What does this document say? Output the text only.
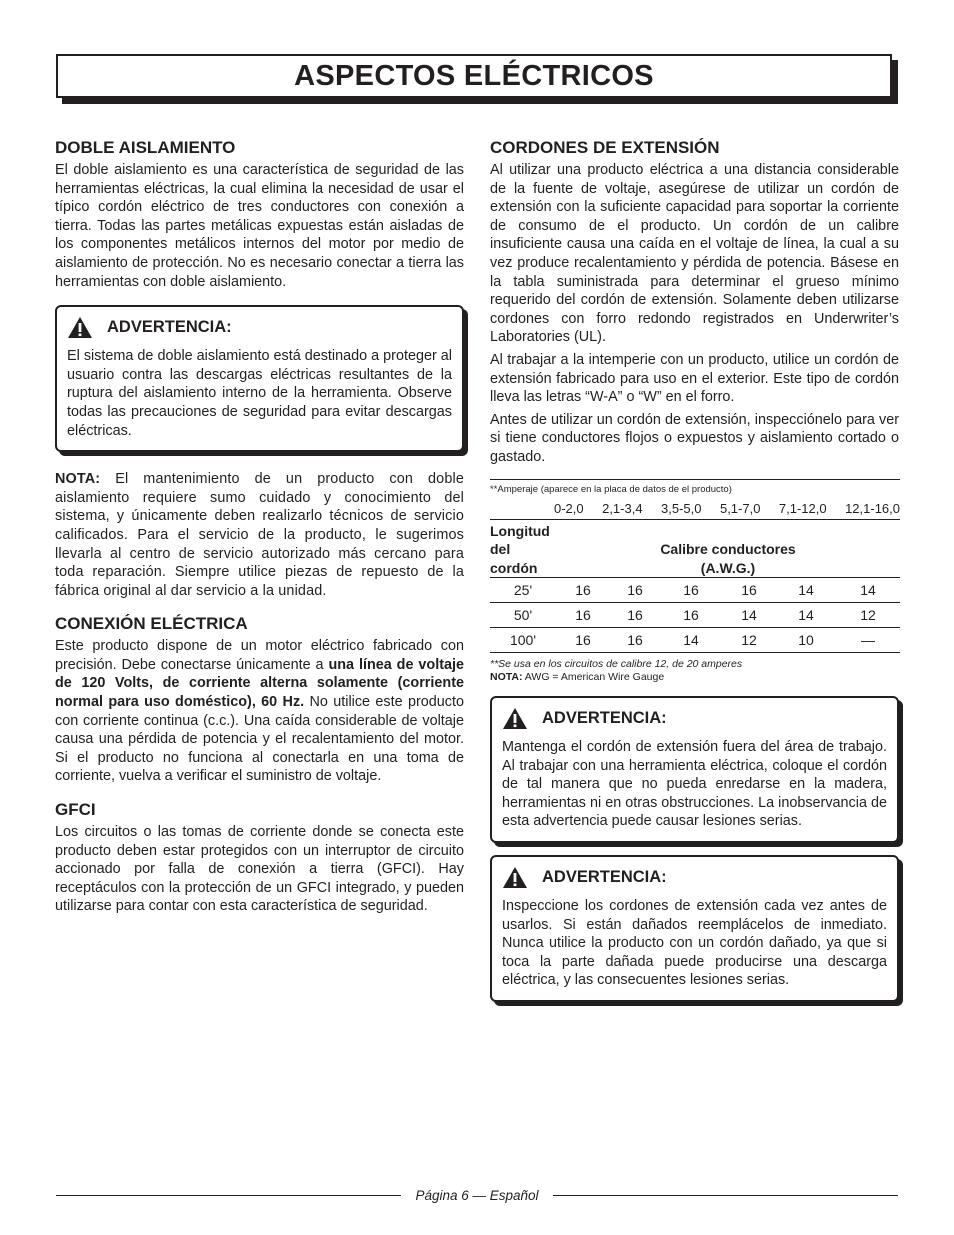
ASPECTOS ELÉCTRICOS
DOBLE AISLAMIENTO

El doble aislamiento es una característica de seguridad de las herramientas eléctricas, la cual elimina la necesidad de usar el típico cordón eléctrico de tres conductores con conexión a tierra. Todas las partes metálicas expuestas están aisladas de los componentes metálicos internos del motor por medio de aislamiento de protección. No es necesario conectar a tierra las herramientas con doble aislamiento.

ADVERTENCIA:

El sistema de doble aislamiento está destinado a proteger al usuario contra las descargas eléctricas resultantes de la ruptura del aislamiento interno de la herramienta. Observe todas las precauciones de seguridad para evitar descargas eléctricas.

NOTA: El mantenimiento de un producto con doble aislamiento requiere sumo cuidado y conocimiento del sistema, y únicamente deben realizarlo técnicos de servicio calificados. Para el servicio de la producto, le sugerimos llevarla al centro de servicio autorizado más cercano para toda reparación. Siempre utilice piezas de repuesto de la fábrica original al dar servicio a la unidad.

CONEXIÓN ELÉCTRICA

Este producto dispone de un motor eléctrico fabricado con precisión. Debe conectarse únicamente a una línea de voltaje de 120 Volts, de corriente alterna solamente (corriente normal para uso doméstico), 60 Hz. No utilice este producto con corriente continua (c.c.). Una caída considerable de voltaje causa una pérdida de potencia y el recalentamiento del motor. Si el producto no funciona al conectarla en una toma de corriente, vuelva a verificar el suministro de voltaje.

GFCI

Los circuitos o las tomas de corriente donde se conecta este producto deben estar protegidos con un interruptor de circuito accionado por falla de conexión a tierra (GFCI). Hay receptáculos con la protección de un GFCI integrado, y pueden utilizarse para contar con esta característica de seguridad.

CORDONES DE EXTENSIÓN

Al utilizar una producto eléctrica a una distancia considerable de la fuente de voltaje, asegúrese de utilizar un cordón de extensión con la suficiente capacidad para soportar la corriente de consumo de el producto. Un cordón de un calibre insuficiente causa una caída en el voltaje de línea, la cual a su vez produce recalentamiento y pérdida de potencia. Básese en la tabla suministrada para determinar el grueso mínimo requerido del cordón de extensión. Solamente deben utilizarse cordones con forro redondo registrados en Underwriter’s Laboratories (UL).

Al trabajar a la intemperie con un producto, utilice un cordón de extensión fabricado para uso en el exterior. Este tipo de cordón lleva las letras “W-A” o “W” en el forro.

Antes de utilizar un cordón de extensión, inspecciónelo para ver si tiene conductores flojos o expuestos y aislamiento cortado o gastado.

**Amperaje (aparece en la placa de datos de el producto)
0-2,0 2,1-3,4 3,5-5,0 5,1-7,0 7,1-12,0 12,1-16,0
Longitud
del cordón	Calibre conductores
(A.W.G.)					
25'	16	16	16	16	14	14
50'	16	16	16	14	14	12
100'	16	16	14	12	10	—
**Se usa en los circuitos de calibre 12, de 20 amperes
NOTA: AWG = American Wire Gauge
ADVERTENCIA:

Mantenga el cordón de extensión fuera del área de trabajo. Al trabajar con una herramienta eléctrica, coloque el cordón de tal manera que no pueda enredarse en la madera, herramientas ni en otras obstrucciones. La inobservancia de esta advertencia puede causar lesiones serias.

ADVERTENCIA:

Inspeccione los cordones de extensión cada vez antes de usarlos. Si están dañados reemplácelos de inmediato. Nunca utilice la producto con un cordón dañado, ya que si toca la parte dañada puede producirse una descarga eléctrica, y las consecuentes lesiones serias.

Página 6 — Español
